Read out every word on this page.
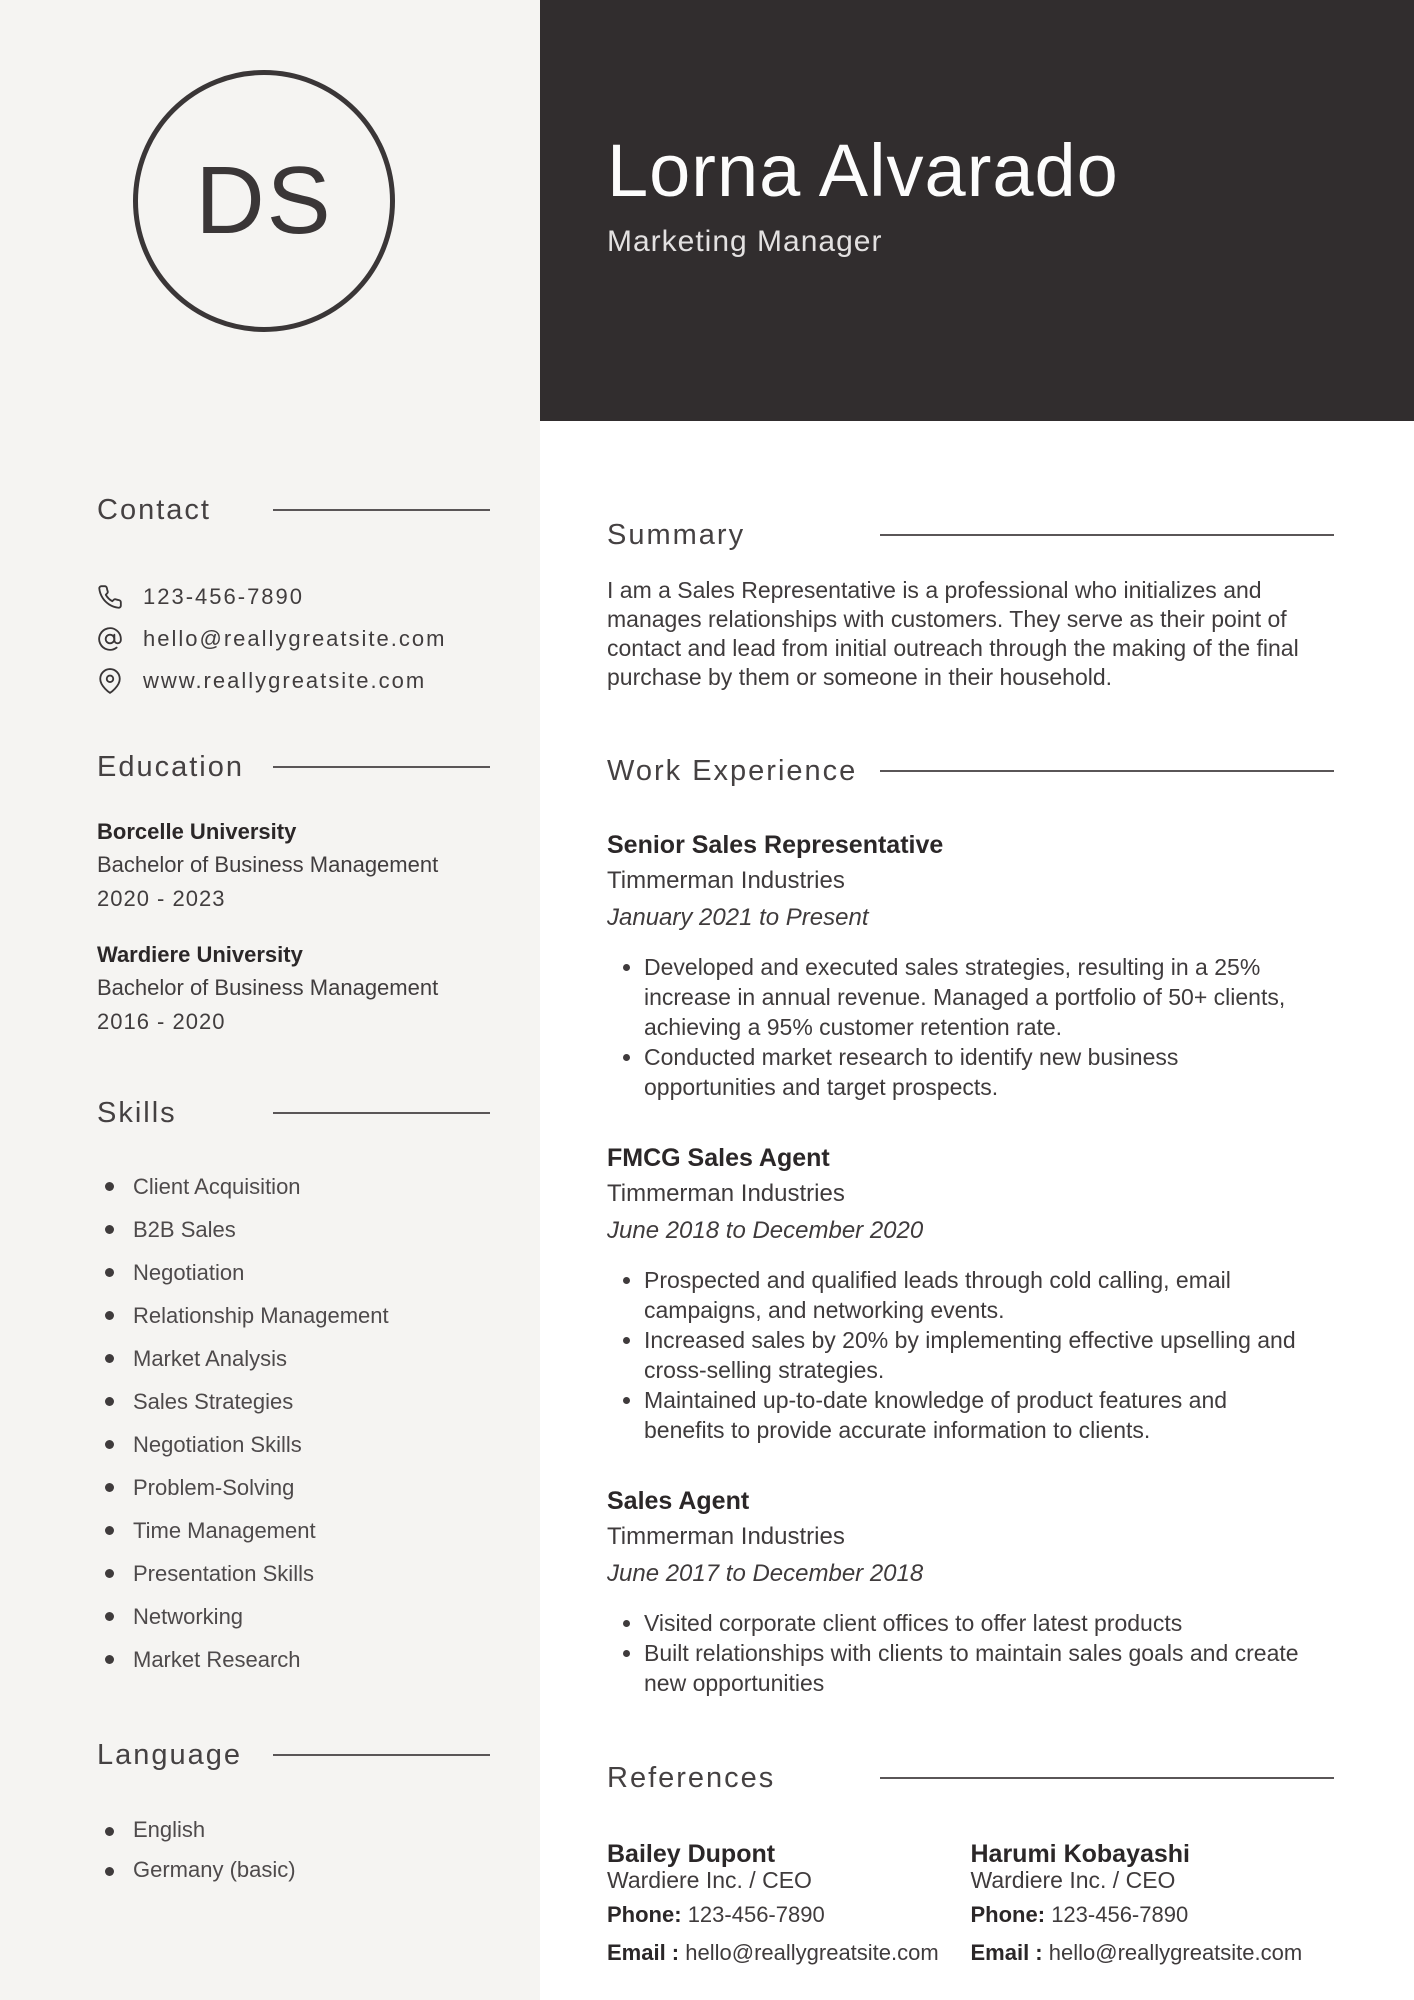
DS
Contact
123-456-7890
hello@reallygreatsite.com
www.reallygreatsite.com
Education
Borcelle University
Bachelor of Business Management
2020 - 2023
Wardiere University
Bachelor of Business Management
2016 - 2020
Skills
Client Acquisition
B2B Sales
Negotiation
Relationship Management
Market Analysis
Sales Strategies
Negotiation Skills
Problem-Solving
Time Management
Presentation Skills
Networking
Market Research
Language
English
Germany (basic)
Lorna Alvarado
Marketing Manager
Summary

I am a Sales Representative is a professional who initializes and manages relationships with customers. They serve as their point of contact and lead from initial outreach through the making of the final purchase by them or someone in their household.

Work Experience
Senior Sales Representative
Timmerman Industries
January 2021 to Present
• Developed and executed sales strategies, resulting in a 25% increase in annual revenue. Managed a portfolio of 50+ clients, achieving a 95% customer retention rate.
• Conducted market research to identify new business opportunities and target prospects.
FMCG Sales Agent
Timmerman Industries
June 2018 to December 2020
• Prospected and qualified leads through cold calling, email campaigns, and networking events.
• Increased sales by 20% by implementing effective upselling and cross-selling strategies.
• Maintained up-to-date knowledge of product features and benefits to provide accurate information to clients.
Sales Agent
Timmerman Industries
June 2017 to December 2018
• Visited corporate client offices to offer latest products
• Built relationships with clients to maintain sales goals and create new opportunities
References
Bailey Dupont
Wardiere Inc. / CEO
Phone: 123-456-7890
Email : hello@reallygreatsite.com
Harumi Kobayashi
Wardiere Inc. / CEO
Phone: 123-456-7890
Email : hello@reallygreatsite.com
